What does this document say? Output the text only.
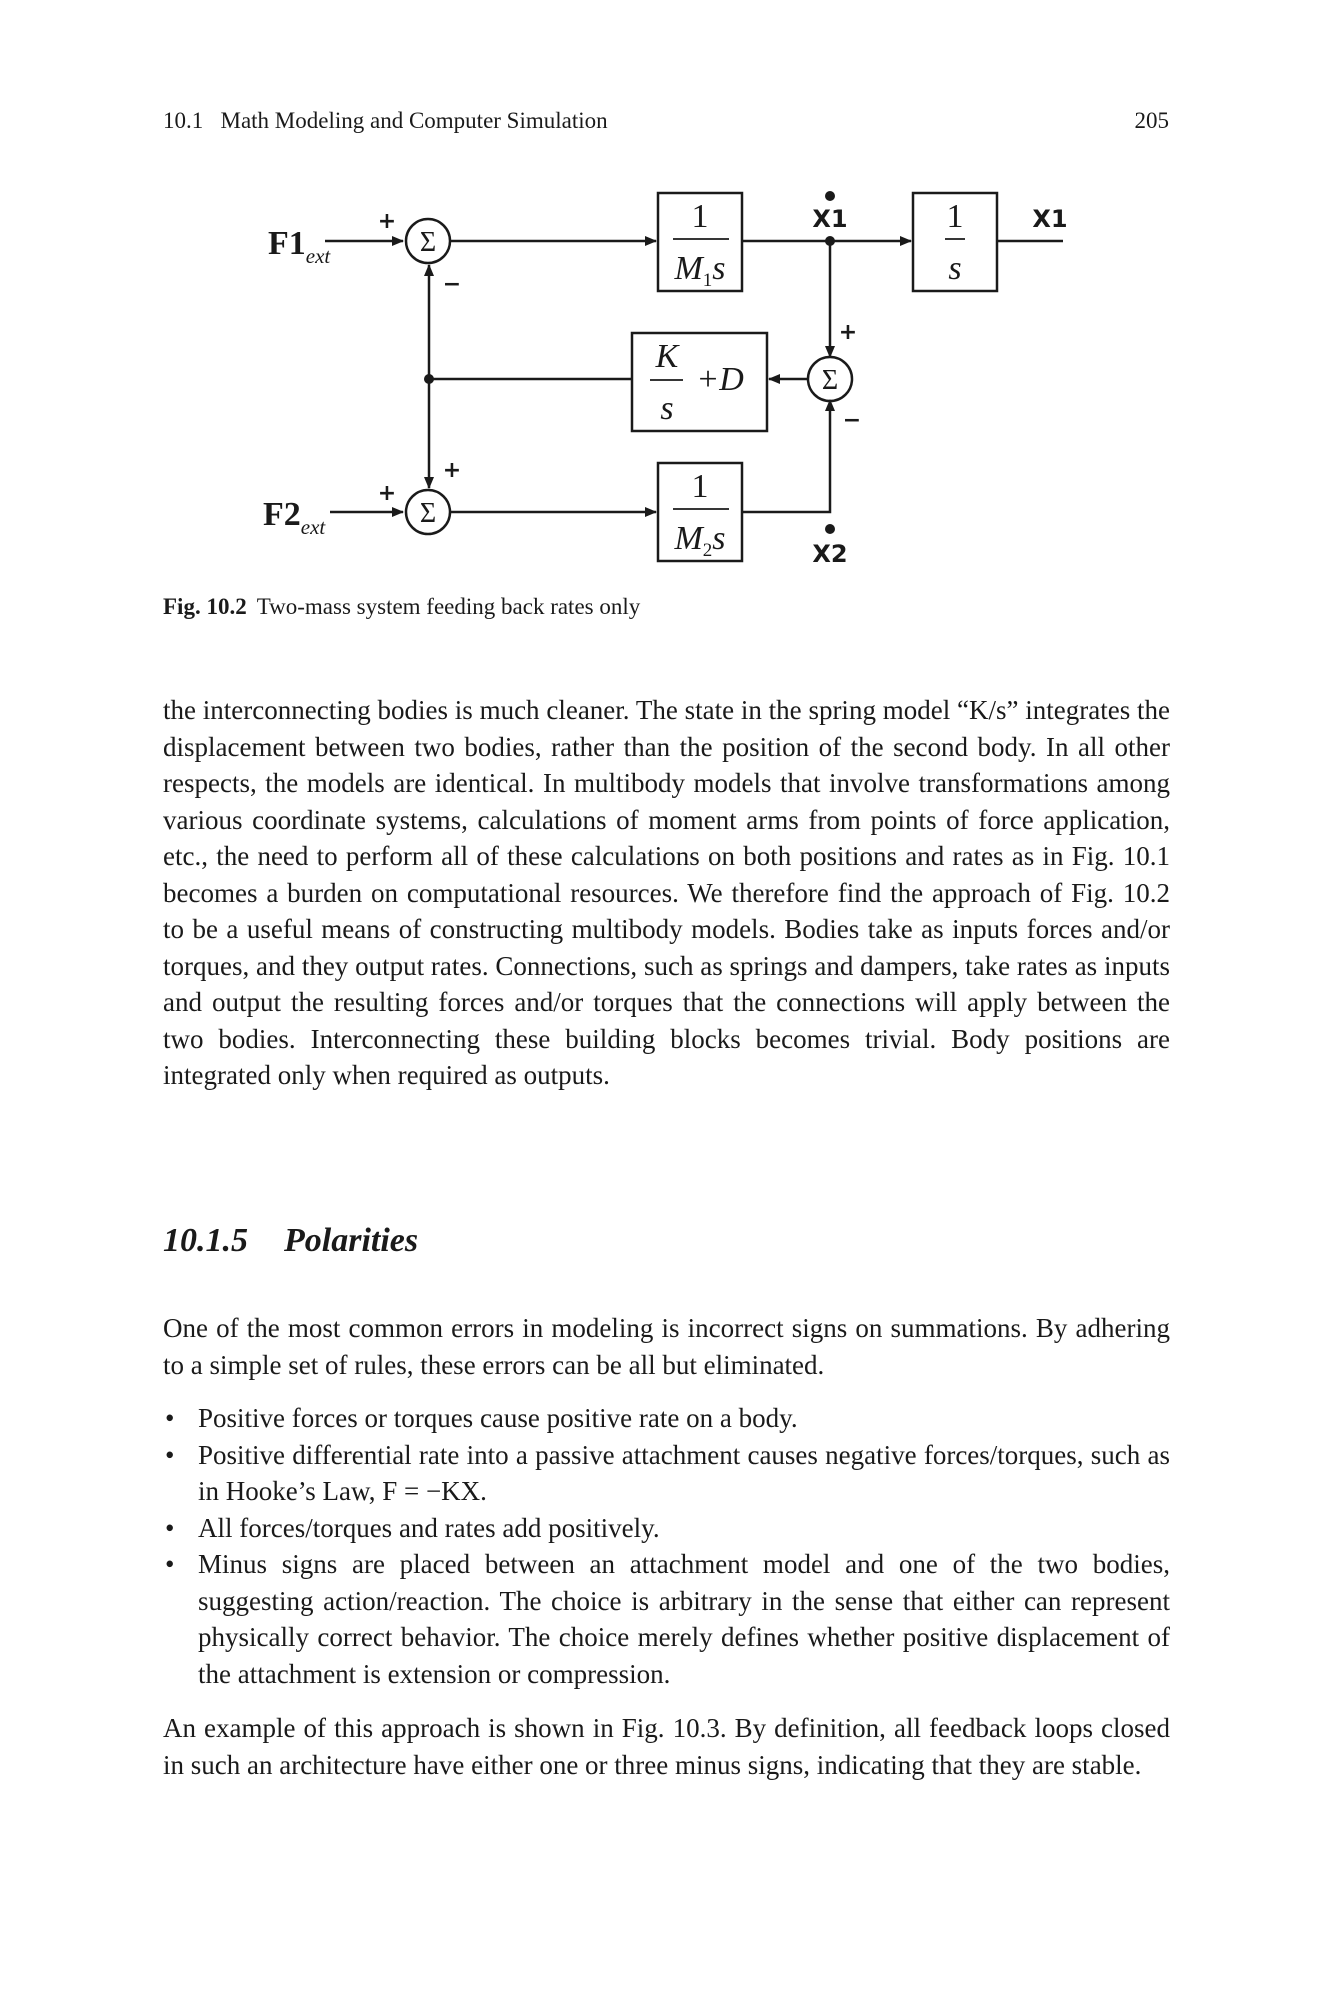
10.1 Math Modeling and Computer Simulation	205
Σ
Σ
Σ
+
−
+
+
+
−
$F1_{ext}$
$F2_{ext}$
1
$M_1s$
1
$M_2s$
K
s
+D
1
s
X1	X1
X2
Fig. 10.2 Two-mass system feeding back rates only

the interconnecting bodies is much cleaner. The state in the spring model “K/s” integrates the displacement between two bodies, rather than the position of the second body. In all other respects, the models are identical. In multibody models that involve transformations among various coordinate systems, calculations of moment arms from points of force application, etc., the need to perform all of these calculations on both positions and rates as in Fig. 10.1 becomes a burden on computational resources. We therefore find the approach of Fig. 10.2 to be a useful means of constructing multibody models. Bodies take as inputs forces and/or torques, and they output rates. Connections, such as springs and dampers, take rates as inputs and output the resulting forces and/or torques that the connections will apply between the two bodies. Interconnecting these building blocks becomes trivial. Body positions are integrated only when required as outputs.

10.1.5 Polarities

One of the most common errors in modeling is incorrect signs on summations. By adhering to a simple set of rules, these errors can be all but eliminated.

• Positive forces or torques cause positive rate on a body.
• Positive differential rate into a passive attachment causes negative forces/torques, such as in Hooke’s Law, F = −KX.
• All forces/torques and rates add positively.
• Minus signs are placed between an attachment model and one of the two bodies, suggesting action/reaction. The choice is arbitrary in the sense that either can represent physically correct behavior. The choice merely defines whether positive displacement of the attachment is extension or compression.

An example of this approach is shown in Fig. 10.3. By definition, all feedback loops closed in such an architecture have either one or three minus signs, indicating that they are stable.
